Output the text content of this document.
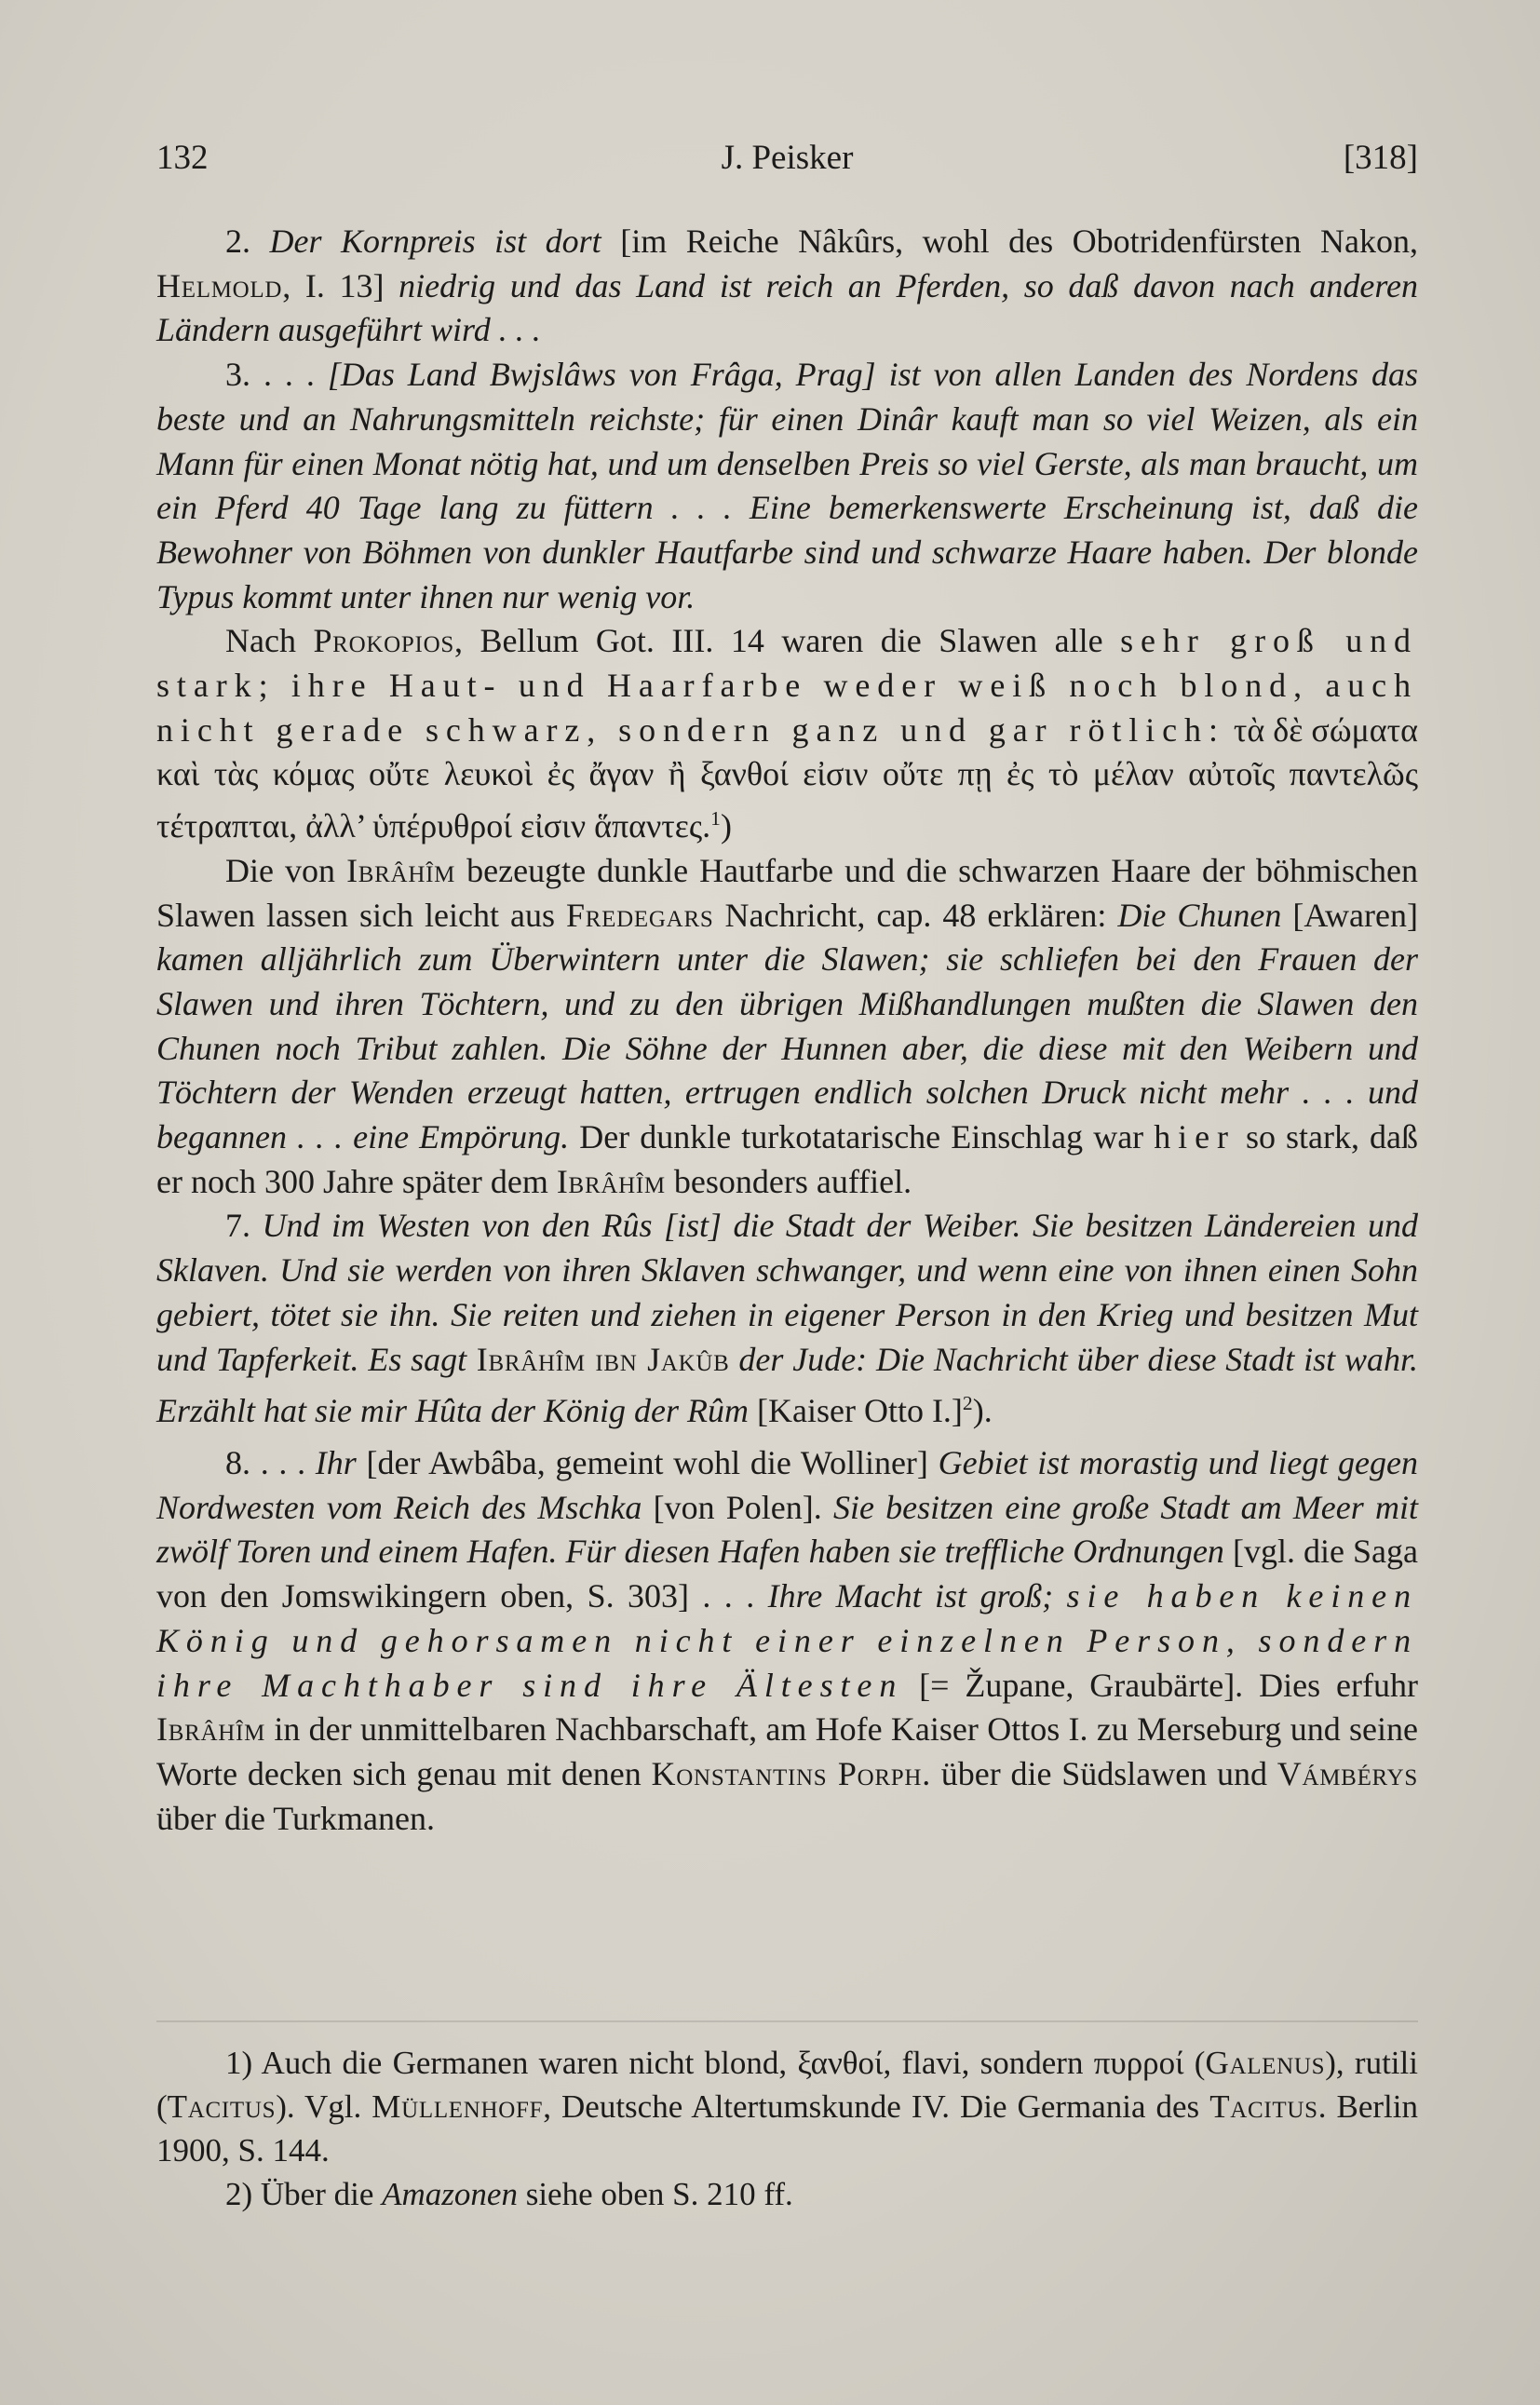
132	J. Peisker	[318]

2. Der Kornpreis ist dort [im Reiche Nâkûrs, wohl des Obotridenfürsten Nakon, Helmold, I. 13] niedrig und das Land ist reich an Pferden, so daß davon nach anderen Ländern ausgeführt wird . . .

3. . . . [Das Land Bwjslâws von Frâga, Prag] ist von allen Landen des Nordens das beste und an Nahrungsmitteln reichste; für einen Dinâr kauft man so viel Weizen, als ein Mann für einen Monat nötig hat, und um denselben Preis so viel Gerste, als man braucht, um ein Pferd 40 Tage lang zu füttern . . . Eine bemerkenswerte Erscheinung ist, daß die Bewohner von Böhmen von dunkler Hautfarbe sind und schwarze Haare haben. Der blonde Typus kommt unter ihnen nur wenig vor.

Nach Prokopios, Bellum Got. III. 14 waren die Slawen alle sehr groß und stark; ihre Haut- und Haarfarbe weder weiß noch blond, auch nicht gerade schwarz, sondern ganz und gar rötlich: τὰ δὲ σώματα καὶ τὰς κόμας οὔτε λευκοὶ ἐς ἄγαν ἢ ξανθοί εἰσιν οὔτε πῃ ἐς τὸ μέλαν αὐτοῖς παντελῶς τέτραπται, ἀλλ’ ὑπέρυθροί εἰσιν ἅπαντες.$^1$)

Die von Ibrâhîm bezeugte dunkle Hautfarbe und die schwarzen Haare der böhmischen Slawen lassen sich leicht aus Fredegars Nachricht, cap. 48 erklären: Die Chunen [Awaren] kamen alljährlich zum Überwintern unter die Slawen; sie schliefen bei den Frauen der Slawen und ihren Töchtern, und zu den übrigen Mißhandlungen mußten die Slawen den Chunen noch Tribut zahlen. Die Söhne der Hunnen aber, die diese mit den Weibern und Töchtern der Wenden erzeugt hatten, ertrugen endlich solchen Druck nicht mehr . . . und begannen . . . eine Empörung. Der dunkle turkotatarische Einschlag war hier so stark, daß er noch 300 Jahre später dem Ibrâhîm besonders auffiel.

7. Und im Westen von den Rûs [ist] die Stadt der Weiber. Sie besitzen Ländereien und Sklaven. Und sie werden von ihren Sklaven schwanger, und wenn eine von ihnen einen Sohn gebiert, tötet sie ihn. Sie reiten und ziehen in eigener Person in den Krieg und besitzen Mut und Tapferkeit. Es sagt Ibrâhîm ibn Jakûb der Jude: Die Nachricht über diese Stadt ist wahr. Erzählt hat sie mir Hûta der König der Rûm [Kaiser Otto I.]$^2$).

8. . . . Ihr [der Awbâba, gemeint wohl die Wolliner] Gebiet ist morastig und liegt gegen Nordwesten vom Reich des Mschka [von Polen]. Sie besitzen eine große Stadt am Meer mit zwölf Toren und einem Hafen. Für diesen Hafen haben sie treffliche Ordnungen [vgl. die Saga von den Jomswikingern oben, S. 303] . . . Ihre Macht ist groß; sie haben keinen König und gehorsamen nicht einer einzelnen Person, sondern ihre Machthaber sind ihre Ältesten [= Župane, Graubärte]. Dies erfuhr Ibrâhîm in der unmittelbaren Nachbarschaft, am Hofe Kaiser Ottos I. zu Merseburg und seine Worte decken sich genau mit denen Konstantins Porph. über die Südslawen und Vámbérys über die Turkmanen.

1) Auch die Germanen waren nicht blond, ξανθοί, flavi, sondern πυρροί (Galenus), rutili (Tacitus). Vgl. Müllenhoff, Deutsche Altertumskunde IV. Die Germania des Tacitus. Berlin 1900, S. 144.

2) Über die Amazonen siehe oben S. 210 ff.
